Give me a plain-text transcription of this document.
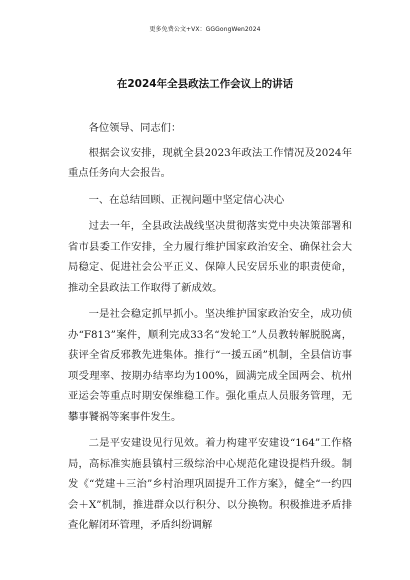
更多免费公文+VX：GGGongWen2024
在2024年全县政法工作会议上的讲话

各位领导、同志们：

根据会议安排，现就全县2023年政法工作情况及2024年重点任务向大会报告。

一、在总结回顾、正视问题中坚定信心决心

过去一年，全县政法战线坚决贯彻落实党中央决策部署和省市县委工作安排，全力履行维护国家政治安全、确保社会大局稳定、促进社会公平正义、保障人民安居乐业的职责使命，推动全县政法工作取得了新成效。

一是社会稳定抓早抓小。坚决维护国家政治安全，成功侦办“F813”案件，顺利完成33名“发轮工”人员教转解脱脱离，获评全省反邪教先进集体。推行“一援五函”机制，全县信访事项受理率、按期办结率均为100%，圆满完成全国两会、杭州亚运会等重点时期安保维稳工作。强化重点人员服务管理，无攀事饕祸等案事件发生。

二是平安建设见行见效。着力构建平安建设“164”工作格局，高标准实施县镇村三级综治中心规范化建设提档升级。制发《“党建＋三治”乡村治理巩固提升工作方案》，健全“一约四会＋X”机制，推进群众以行积分、以分换物。积极推进矛盾排查化解闭环管理，矛盾纠纷调解
